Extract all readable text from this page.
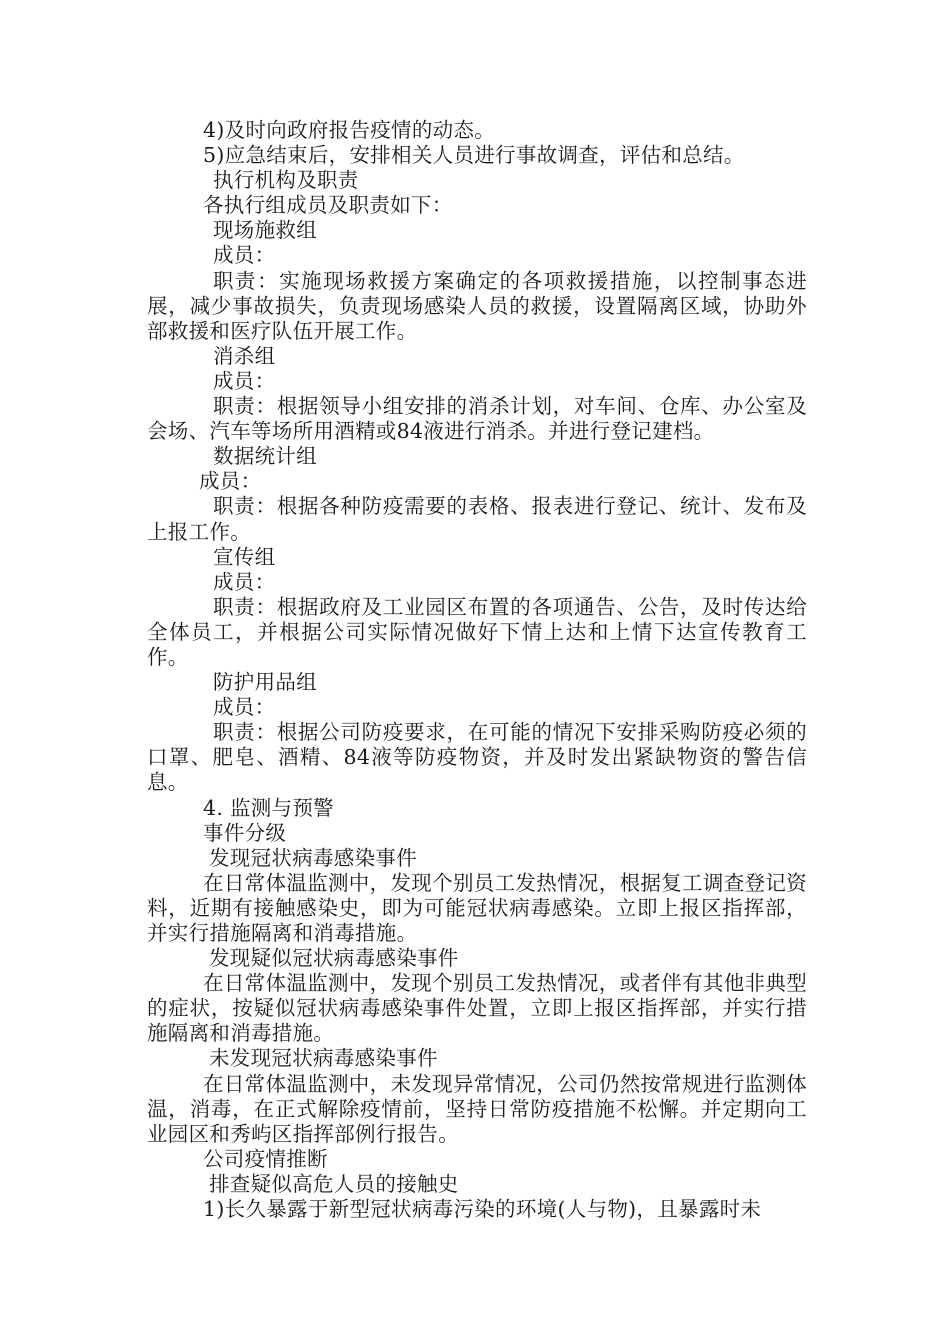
4)及时向政府报告疫情的动态。

5)应急结束后，安排相关人员进行事故调查，评估和总结。

执行机构及职责

各执行组成员及职责如下：

现场施救组

成员：

职责：实施现场救援方案确定的各项救援措施，以控制事态进展，减少事故损失，负责现场感染人员的救援，设置隔离区域，协助外部救援和医疗队伍开展工作。

消杀组

成员：

职责：根据领导小组安排的消杀计划，对车间、仓库、办公室及会场、汽车等场所用酒精或84液进行消杀。并进行登记建档。

数据统计组

成员：

职责：根据各种防疫需要的表格、报表进行登记、统计、发布及上报工作。

宣传组

成员：

职责：根据政府及工业园区布置的各项通告、公告，及时传达给全体员工，并根据公司实际情况做好下情上达和上情下达宣传教育工作。

防护用品组

成员：

职责：根据公司防疫要求，在可能的情况下安排采购防疫必须的口罩、肥皂、酒精、84液等防疫物资，并及时发出紧缺物资的警告信息。

4. 监测与预警

事件分级

发现冠状病毒感染事件

在日常体温监测中，发现个别员工发热情况，根据复工调查登记资料，近期有接触感染史，即为可能冠状病毒感染。立即上报区指挥部，并实行措施隔离和消毒措施。

发现疑似冠状病毒感染事件

在日常体温监测中，发现个别员工发热情况，或者伴有其他非典型的症状，按疑似冠状病毒感染事件处置，立即上报区指挥部，并实行措施隔离和消毒措施。

未发现冠状病毒感染事件

在日常体温监测中，未发现异常情况，公司仍然按常规进行监测体温，消毒，在正式解除疫情前，坚持日常防疫措施不松懈。并定期向工业园区和秀屿区指挥部例行报告。

公司疫情推断

排查疑似高危人员的接触史

1)长久暴露于新型冠状病毒污染的环境(人与物)，且暴露时未
